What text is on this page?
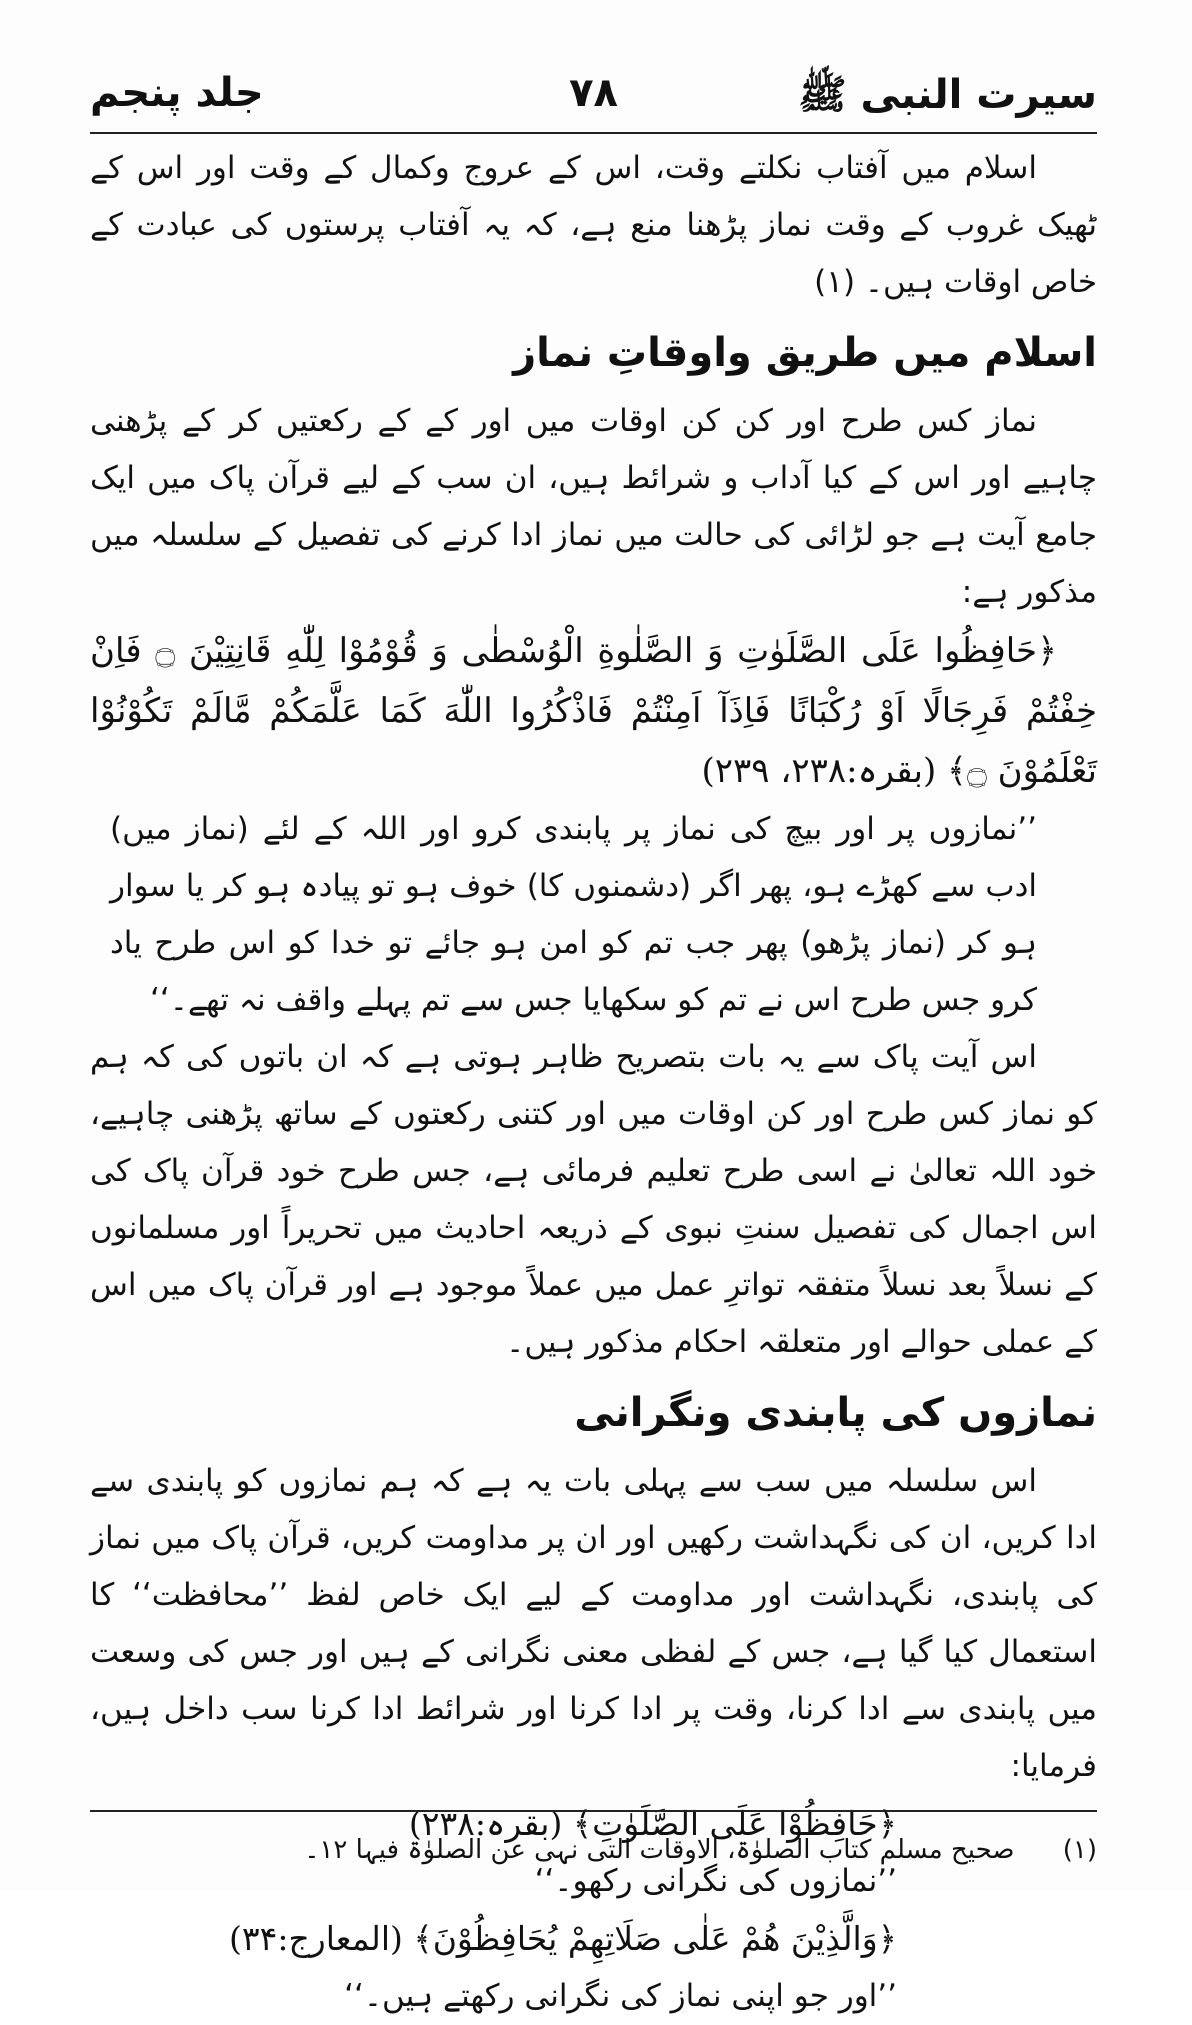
سیرت النبی ﷺ
٧٨
جلد پنجم

اسلام میں آفتاب نکلتے وقت، اس کے عروج وکمال کے وقت اور اس کے ٹھیک غروب کے وقت نماز پڑھنا منع ہے، کہ یہ آفتاب پرستوں کی عبادت کے خاص اوقات ہیں۔ (۱)

اسلام میں طریق واوقاتِ نماز

نماز کس طرح اور کن کن اوقات میں اور کے کے رکعتیں کر کے پڑھنی چاہیے اور اس کے کیا آداب و شرائط ہیں، ان سب کے لیے قرآن پاک میں ایک جامع آیت ہے جو لڑائی کی حالت میں نماز ادا کرنے کی تفصیل کے سلسلہ میں مذکور ہے:

﴿حَافِظُوا عَلَى الصَّلَوٰتِ وَ الصَّلٰوةِ الْوُسْطٰى وَ قُوْمُوْا لِلّٰهِ قَانِتِيْنَ ۝ فَاِنْ خِفْتُمْ فَرِجَالًا اَوْ رُكْبَانًا فَاِذَآ اَمِنْتُمْ فَاذْكُرُوا اللّٰهَ كَمَا عَلَّمَكُمْ مَّالَمْ تَكُوْنُوْا تَعْلَمُوْنَ ۝﴾ (بقرہ:۲۳۸، ۲۳۹)

’’نمازوں پر اور بیچ کی نماز پر پابندی کرو اور اللہ کے لئے (نماز میں) ادب سے کھڑے ہو، پھر اگر (دشمنوں کا) خوف ہو تو پیادہ ہو کر یا سوار ہو کر (نماز پڑھو) پھر جب تم کو امن ہو جائے تو خدا کو اس طرح یاد کرو جس طرح اس نے تم کو سکھایا جس سے تم پہلے واقف نہ تھے۔‘‘

اس آیت پاک سے یہ بات بتصریح ظاہر ہوتی ہے کہ ان باتوں کی کہ ہم کو نماز کس طرح اور کن اوقات میں اور کتنی رکعتوں کے ساتھ پڑھنی چاہیے، خود اللہ تعالیٰ نے اسی طرح تعلیم فرمائی ہے، جس طرح خود قرآن پاک کی اس اجمال کی تفصیل سنتِ نبوی کے ذریعہ احادیث میں تحریراً اور مسلمانوں کے نسلاً بعد نسلاً متفقہ تواترِ عمل میں عملاً موجود ہے اور قرآن پاک میں اس کے عملی حوالے اور متعلقہ احکام مذکور ہیں۔

نمازوں کی پابندی ونگرانی

اس سلسلہ میں سب سے پہلی بات یہ ہے کہ ہم نمازوں کو پابندی سے ادا کریں، ان کی نگہداشت رکھیں اور ان پر مداومت کریں، قرآن پاک میں نماز کی پابندی، نگہداشت اور مداومت کے لیے ایک خاص لفظ ’’محافظت‘‘ کا استعمال کیا گیا ہے، جس کے لفظی معنی نگرانی کے ہیں اور جس کی وسعت میں پابندی سے ادا کرنا، وقت پر ادا کرنا اور شرائط ادا کرنا سب داخل ہیں، فرمایا:

﴿حَافِظُوْا عَلَى الصَّلَوٰتِ﴾ (بقرہ:۲۳۸)

’’نمازوں کی نگرانی رکھو۔‘‘

﴿وَالَّذِيْنَ هُمْ عَلٰى صَلَاتِهِمْ يُحَافِظُوْنَ﴾ (المعارج:۳۴)

’’اور جو اپنی نماز کی نگرانی رکھتے ہیں۔‘‘

(۱) صحیح مسلم کتاب الصلوٰۃ، الاوقات التی نہی عن الصلوٰۃ فیہا ۱۲۔
